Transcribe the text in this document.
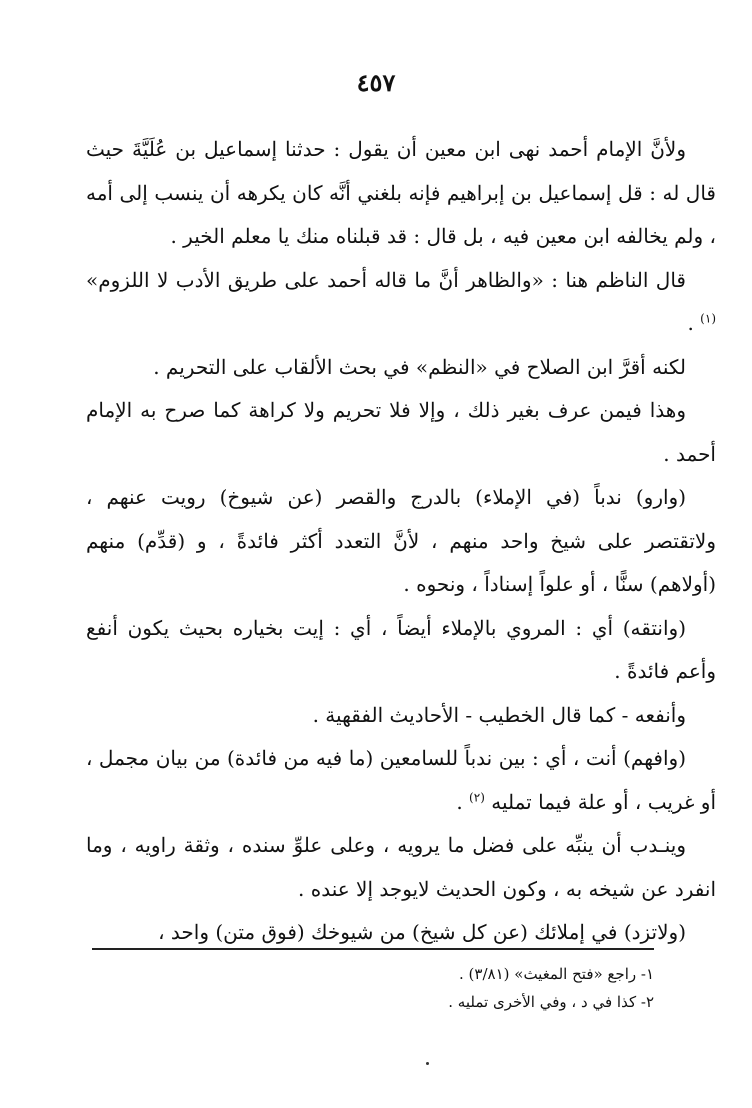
٤٥٧

ولأنَّ الإمام أحمد نهى ابن معين أن يقول : حدثنا إسماعيل بن عُلَيَّةَ حيث قال له : قل إسماعيل بن إبراهيم فإنه بلغني أنَّه كان يكرهه أن ينسب إلى أمه ، ولم يخالفه ابن معين فيه ، بل قال : قد قبلناه منك يا معلم الخير .

قال الناظم هنا : «والظاهر أنَّ ما قاله أحمد على طريق الأدب لا اللزوم» $^{(١)}$ .

لكنه أقرَّ ابن الصلاح في «النظم» في بحث الألقاب على التحريم .

وهذا فيمن عرف بغير ذلك ، وإلا فلا تحريم ولا كراهة كما صرح به الإمام أحمد .

(وارو) ندباً (في الإملاء) بالدرج والقصر (عن شيوخ) رويت عنهم ، ولاتقتصر على شيخ واحد منهم ، لأنَّ التعدد أكثر فائدةً ، و (قدِّم) منهم (أولاهم) سنًّا ، أو علواً إسناداً ، ونحوه .

(وانتقه) أي : المروي بالإملاء أيضاً ، أي : إيت بخياره بحيث يكون أنفع وأعم فائدةً .

وأنفعه - كما قال الخطيب - الأحاديث الفقهية .

(وافهم) أنت ، أي : بين ندباً للسامعين (ما فيه من فائدة) من بيان مجمل ، أو غريب ، أو علة فيما تمليه $^{(٢)}$ .

وينـدب أن ينبِّه على فضل ما يرويه ، وعلى علوِّ سنده ، وثقة راويه ، وما انفرد عن شيخه به ، وكون الحديث لايوجد إلا عنده .

(ولاتزد) في إملائك (عن كل شيخ) من شيوخك (فوق متن) واحد ،

١- راجع «فتح المغيث» (٣/٨١) .

٢- كذا في د ، وفي الأخرى تمليه .
